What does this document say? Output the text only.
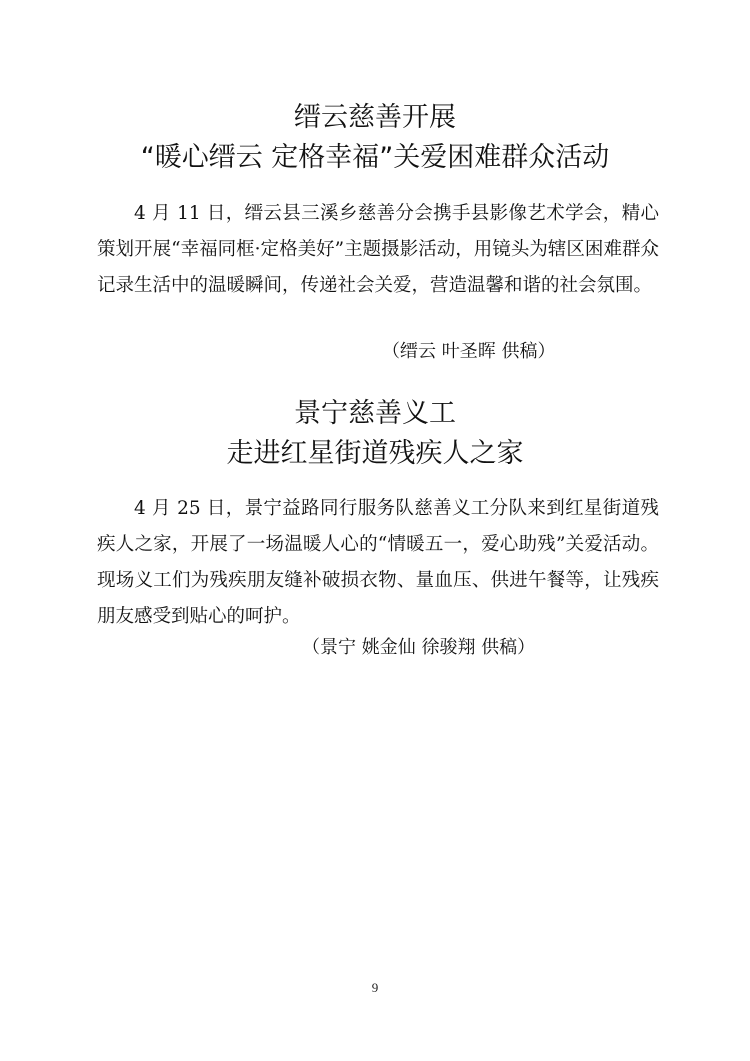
缙云慈善开展
“暖心缙云 定格幸福”关爱困难群众活动

4 月 11 日，缙云县三溪乡慈善分会携手县影像艺术学会，精心策划开展“幸福同框·定格美好”主题摄影活动，用镜头为辖区困难群众记录生活中的温暖瞬间，传递社会关爱，营造温馨和谐的社会氛围。

（缙云 叶圣晖 供稿）
景宁慈善义工
走进红星街道残疾人之家

4 月 25 日，景宁益路同行服务队慈善义工分队来到红星街道残疾人之家，开展了一场温暖人心的“情暖五一，爱心助残”关爱活动。现场义工们为残疾朋友缝补破损衣物、量血压、供进午餐等，让残疾朋友感受到贴心的呵护。

（景宁 姚金仙 徐骏翔 供稿）
9
